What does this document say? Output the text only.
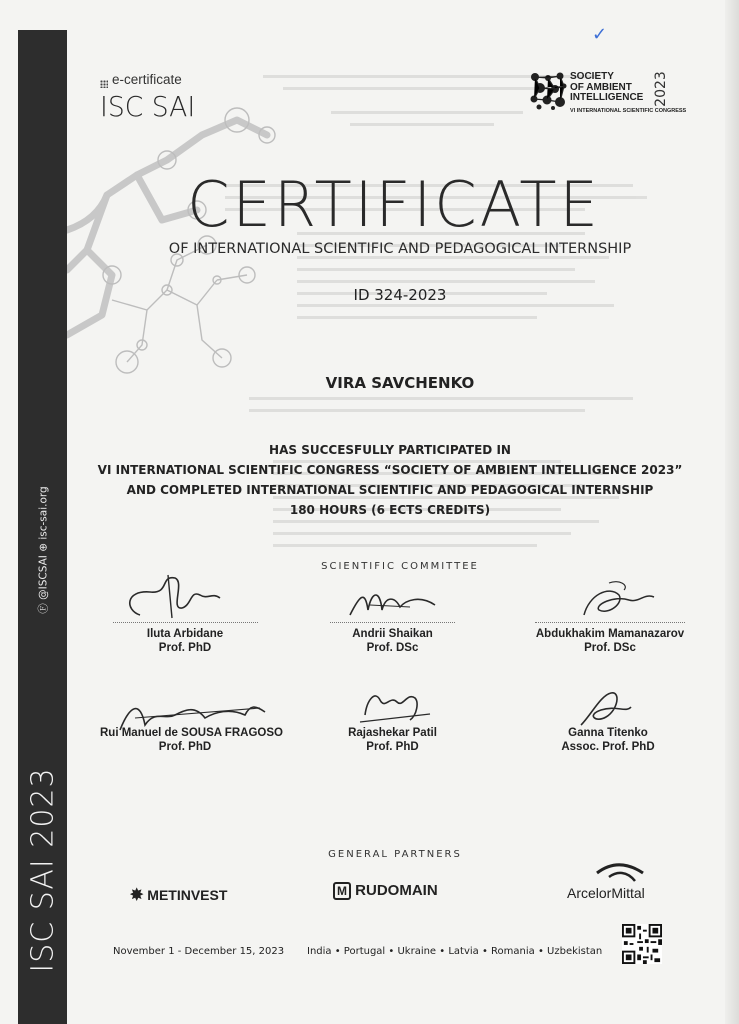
Ⓕ @ISCSAI ⊕ isc-sai.org
ISC SAI 2023
e-certificate
ISC SAI
SOCIETY
OF AMBIENT
INTELLIGENCE
VI INTERNATIONAL SCIENTIFIC CONGRESS
2023
CERTIFICATE
OF INTERNATIONAL SCIENTIFIC AND PEDAGOGICAL INTERNSHIP
ID 324-2023
VIRA SAVCHENKO
HAS SUCCESFULLY PARTICIPATED IN
VI INTERNATIONAL SCIENTIFIC CONGRESS “SOCIETY OF AMBIENT INTELLIGENCE 2023”
AND COMPLETED INTERNATIONAL SCIENTIFIC AND PEDAGOGICAL INTERNSHIP
180 HOURS (6 ECTS CREDITS)
SCIENTIFIC COMMITTEE
Iluta Arbidane
Prof. PhD
Andrii Shaikan
Prof. DSc
Abdukhakim Mamanazarov
Prof. DSc
Rui Manuel de SOUSA FRAGOSO
Prof. PhD
Rajashekar Patil
Prof. PhD
Ganna Titenko
Assoc. Prof. PhD
GENERAL PARTNERS
✸ METINVEST	M RUDOMAIN	ArcelorMittal
November 1 - December 15, 2023 India • Portugal • Ukraine • Latvia • Romania • Uzbekistan
✓
